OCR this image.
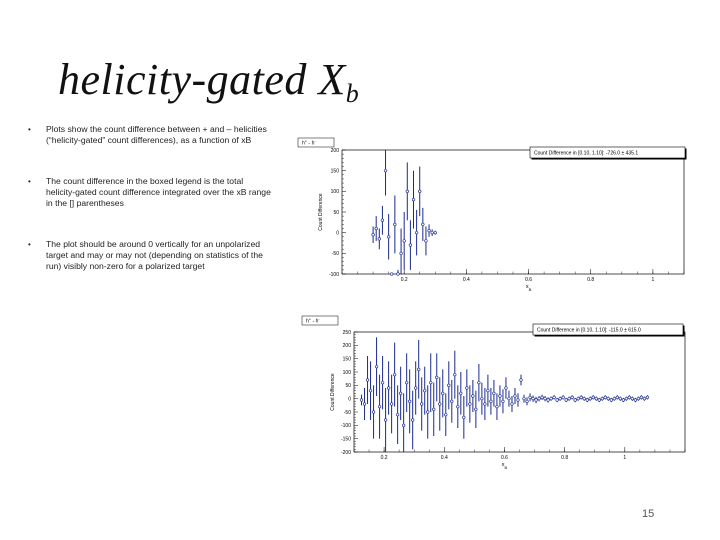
helicity-gated $X_b$
• Plots show the count difference between + and – helicities (“helicity-gated” count differences), as a function of xB
• The count difference in the boxed legend is the total helicity-gated count difference integrated over the xB range in the [] parentheses
• The plot should be around 0 vertically for an unpolarized target and may or may not (depending on statistics of the run) visibly non-zero for a polarized target
-100
-50
0
50
100
150
200
0.2	0.4	0.6	0.8	1
Count Difference
$x_B$
h+ - h-
Count Difference in [0.10, 1.10]: -726.0 ± 435.1
-200
-150
-100
-50
0
50
100
150
200
250
0.2	0.4	0.6	0.8	1
Count Difference
$x_B$
h+ - h-
Count Difference in [0.10, 1.10]: -115.0 ± 615.0
15
